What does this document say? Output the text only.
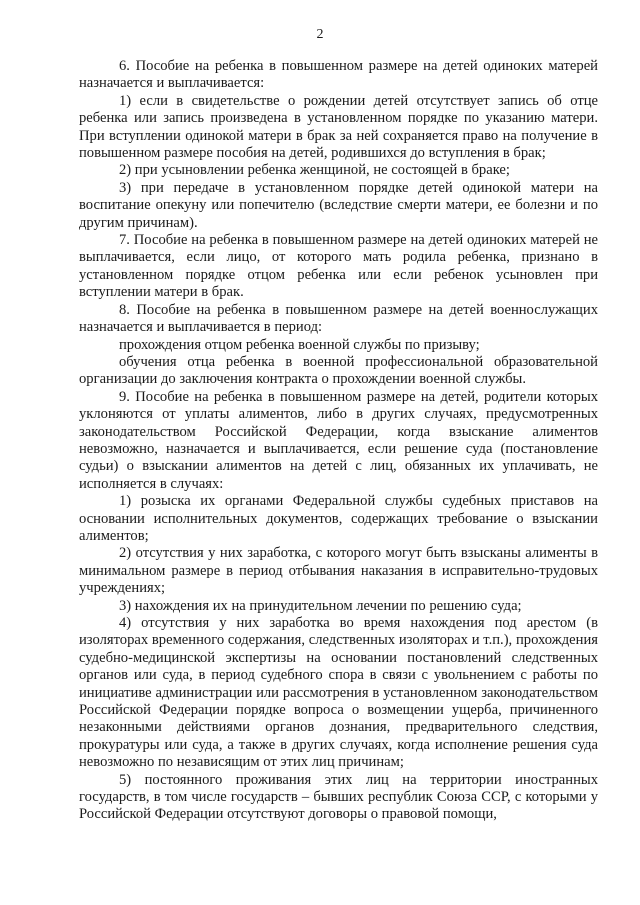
2

6. Пособие на ребенка в повышенном размере на детей одиноких матерей назначается и выплачивается:

1) если в свидетельстве о рождении детей отсутствует запись об отце ребенка или запись произведена в установленном порядке по указанию матери. При вступлении одинокой матери в брак за ней сохраняется право на получение в повышенном размере пособия на детей, родившихся до вступления в брак;

2) при усыновлении ребенка женщиной, не состоящей в браке;

3) при передаче в установленном порядке детей одинокой матери на воспитание опекуну или попечителю (вследствие смерти матери, ее болезни и по другим причинам).

7. Пособие на ребенка в повышенном размере на детей одиноких матерей не выплачивается, если лицо, от которого мать родила ребенка, признано в установленном порядке отцом ребенка или если ребенок усыновлен при вступлении матери в брак.

8. Пособие на ребенка в повышенном размере на детей военнослужащих назначается и выплачивается в период:

прохождения отцом ребенка военной службы по призыву;

обучения отца ребенка в военной профессиональной образовательной организации до заключения контракта о прохождении военной службы.

9. Пособие на ребенка в повышенном размере на детей, родители которых уклоняются от уплаты алиментов, либо в других случаях, предусмотренных законодательством Российской Федерации, когда взыскание алиментов невозможно, назначается и выплачивается, если решение суда (постановление судьи) о взыскании алиментов на детей с лиц, обязанных их уплачивать, не исполняется в случаях:

1) розыска их органами Федеральной службы судебных приставов на основании исполнительных документов, содержащих требование о взыскании алиментов;

2) отсутствия у них заработка, с которого могут быть взысканы алименты в минимальном размере в период отбывания наказания в исправительно-трудовых учреждениях;

3) нахождения их на принудительном лечении по решению суда;

4) отсутствия у них заработка во время нахождения под арестом (в изоляторах временного содержания, следственных изоляторах и т.п.), прохождения судебно-медицинской экспертизы на основании постановлений следственных органов или суда, в период судебного спора в связи с увольнением с работы по инициативе администрации или рассмотрения в установленном законодательством Российской Федерации порядке вопроса о возмещении ущерба, причиненного незаконными действиями органов дознания, предварительного следствия, прокуратуры или суда, а также в других случаях, когда исполнение решения суда невозможно по независящим от этих лиц причинам;

5) постоянного проживания этих лиц на территории иностранных государств, в том числе государств – бывших республик Союза ССР, с которыми у Российской Федерации отсутствуют договоры о правовой помощи,
